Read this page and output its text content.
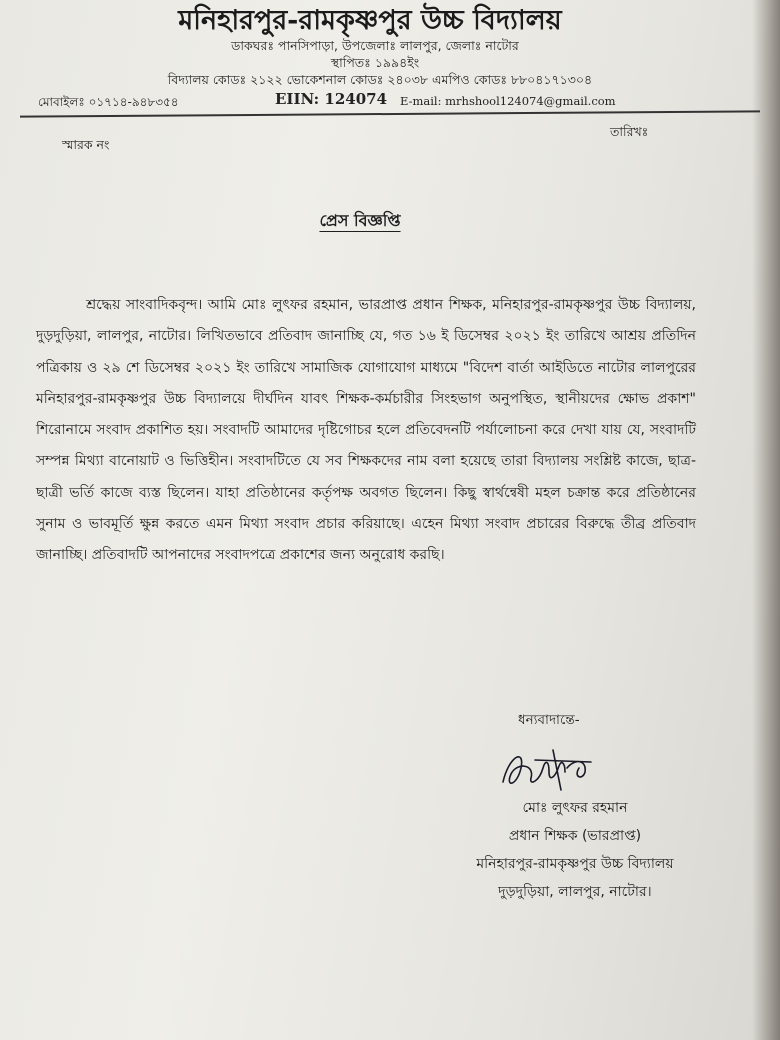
মনিহারপুর-রামকৃষ্ণপুর উচ্চ বিদ্যালয়
ডাকঘরঃ পানসিপাড়া, উপজেলাঃ লালপুর, জেলাঃ নাটোর
স্থাপিতঃ ১৯৯৪ইং
বিদ্যালয় কোডঃ ২১২২ ভোকেশনাল কোডঃ ২৪০৩৮ এমপিও কোডঃ ৮৮০৪১৭১৩০৪
মোবাইলঃ ০১৭১৪-৯৪৮৩৫৪	EIIN: 124074 E-mail: mrhshool124074@gmail.com
স্মারক নং
তারিখঃ
প্রেস বিজ্ঞপ্তি
শ্রদ্ধেয় সাংবাদিকবৃন্দ। আমি মোঃ লুৎফর রহমান, ভারপ্রাপ্ত প্রধান শিক্ষক, মনিহারপুর-রামকৃষ্ণপুর উচ্চ বিদ্যালয়, দুড়দুড়িয়া, লালপুর, নাটোর। লিখিতভাবে প্রতিবাদ জানাচ্ছি যে, গত ১৬ ই ডিসেম্বর ২০২১ ইং তারিখে আশ্রয় প্রতিদিন পত্রিকায় ও ২৯ শে ডিসেম্বর ২০২১ ইং তারিখে সামাজিক যোগাযোগ মাধ্যমে "বিদেশ বার্তা আইডিতে নাটোর লালপুরের মনিহারপুর-রামকৃষ্ণপুর উচ্চ বিদ্যালয়ে দীর্ঘদিন যাবৎ শিক্ষক-কর্মচারীর সিংহভাগ অনুপস্থিত, স্থানীয়দের ক্ষোভ প্রকাশ" শিরোনামে সংবাদ প্রকাশিত হয়। সংবাদটি আমাদের দৃষ্টিগোচর হলে প্রতিবেদনটি পর্যালোচনা করে দেখা যায় যে, সংবাদটি সম্পন্ন মিথ্যা বানোয়াট ও ভিত্তিহীন। সংবাদটিতে যে সব শিক্ষকদের নাম বলা হয়েছে তারা বিদ্যালয় সংশ্লিষ্ট কাজে, ছাত্র-ছাত্রী ভর্তি কাজে ব্যস্ত ছিলেন। যাহা প্রতিষ্ঠানের কর্তৃপক্ষ অবগত ছিলেন। কিছু স্বার্থন্বেষী মহল চক্রান্ত করে প্রতিষ্ঠানের সুনাম ও ভাবমূর্তি ক্ষুন্ন করতে এমন মিথ্যা সংবাদ প্রচার করিয়াছে। এহেন মিথ্যা সংবাদ প্রচারের বিরুদ্ধে তীব্র প্রতিবাদ জানাচ্ছি। প্রতিবাদটি আপনাদের সংবাদপত্রে প্রকাশের জন্য অনুরোধ করছি।
ধন্যবাদান্তে-
মোঃ লুৎফর রহমান
প্রধান শিক্ষক (ভারপ্রাপ্ত)
মনিহারপুর-রামকৃষ্ণপুর উচ্চ বিদ্যালয়
দুড়দুড়িয়া, লালপুর, নাটোর।
